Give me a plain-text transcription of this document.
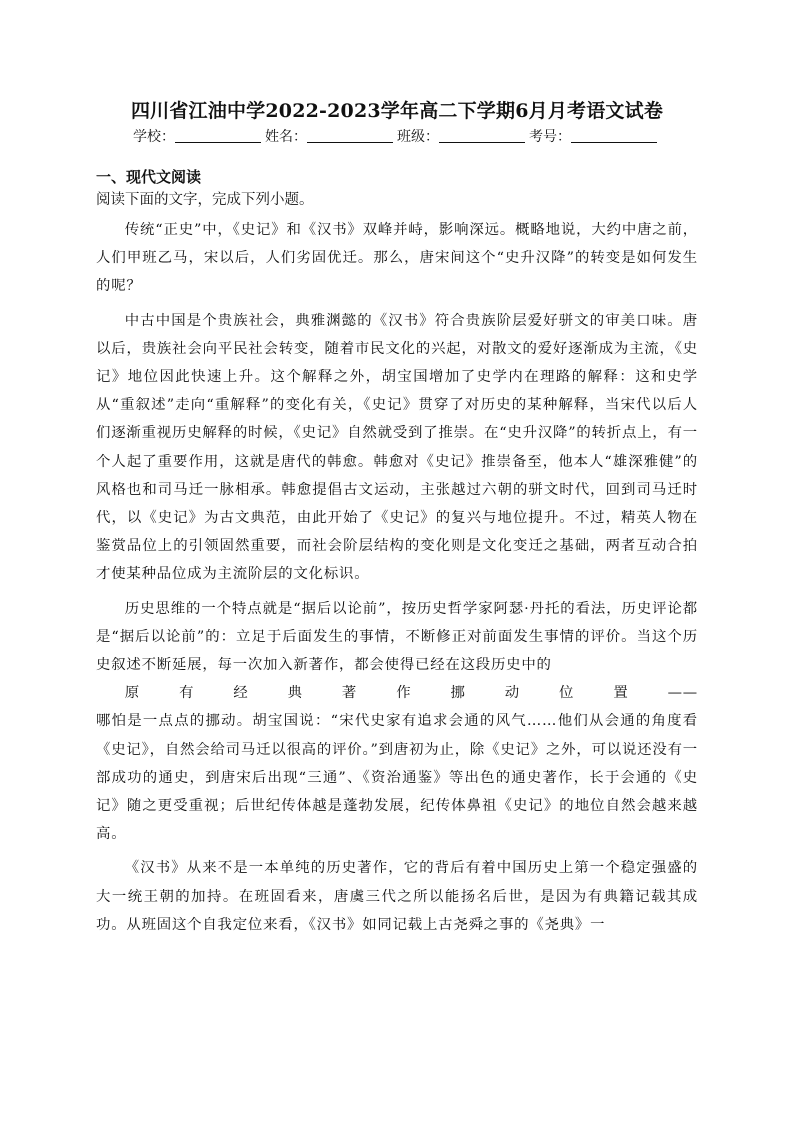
四川省江油中学2022-2023学年高二下学期6月月考语文试卷
学校：	姓名：	班级：	考号：
一、现代文阅读
阅读下面的文字，完成下列小题。

传统“正史”中，《史记》和《汉书》双峰并峙，影响深远。概略地说，大约中唐之前，人们甲班乙马，宋以后，人们劣固优迁。那么，唐宋间这个“史升汉降”的转变是如何发生的呢？

中古中国是个贵族社会，典雅渊懿的《汉书》符合贵族阶层爱好骈文的审美口味。唐以后，贵族社会向平民社会转变，随着市民文化的兴起，对散文的爱好逐渐成为主流，《史记》地位因此快速上升。这个解释之外，胡宝国增加了史学内在理路的解释：这和史学从“重叙述”走向“重解释”的变化有关，《史记》贯穿了对历史的某种解释，当宋代以后人们逐渐重视历史解释的时候，《史记》自然就受到了推崇。在“史升汉降”的转折点上，有一个人起了重要作用，这就是唐代的韩愈。韩愈对《史记》推崇备至，他本人“雄深雅健”的风格也和司马迁一脉相承。韩愈提倡古文运动，主张越过六朝的骈文时代，回到司马迁时代，以《史记》为古文典范，由此开始了《史记》的复兴与地位提升。不过，精英人物在鉴赏品位上的引领固然重要，而社会阶层结构的变化则是文化变迁之基础，两者互动合拍才使某种品位成为主流阶层的文化标识。

历史思维的一个特点就是“据后以论前”，按历史哲学家阿瑟·丹托的看法，历史评论都是“据后以论前”的：立足于后面发生的事情，不断修正对前面发生事情的评价。当这个历史叙述不断延展，每一次加入新著作，都会使得已经在这段历史中的

原	有	经	典	著	作	挪	动	位	置	——

哪怕是一点点的挪动。胡宝国说：“宋代史家有追求会通的风气……他们从会通的角度看《史记》，自然会给司马迁以很高的评价。”到唐初为止，除《史记》之外，可以说还没有一部成功的通史，到唐宋后出现“三通”、《资治通鉴》等出色的通史著作，长于会通的《史记》随之更受重视；后世纪传体越是蓬勃发展，纪传体鼻祖《史记》的地位自然会越来越高。

《汉书》从来不是一本单纯的历史著作，它的背后有着中国历史上第一个稳定强盛的大一统王朝的加持。在班固看来，唐虞三代之所以能扬名后世，是因为有典籍记载其成功。从班固这个自我定位来看，《汉书》如同记载上古尧舜之事的《尧典》一
